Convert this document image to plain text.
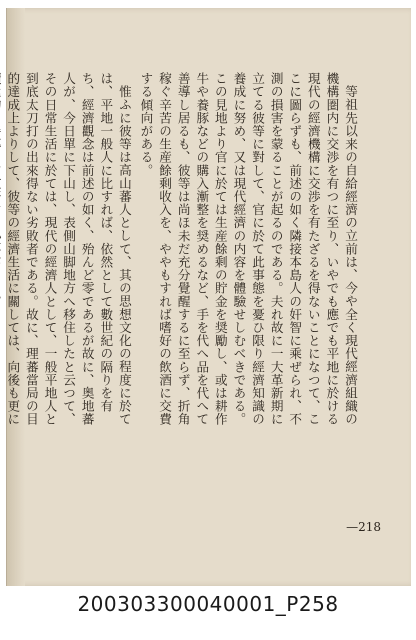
等祖先以来の自給經濟の立前は、今や全く現代經濟組織の機構圏内に交渉を有つに至り、いやでも應でも平地に於ける現代の經濟機構に交渉を有たざるを得ないことになつて、ここに圖らずも、前述の如く隣接本島人の奸智に乘ぜられ、不測の損害を蒙ることが起るのである。夫れ故に一大革新期に立てる彼等に對して、官に於て此事態を憂ひ限り經濟知識の養成に努め、又は現代經濟の内容を體驗せしむべきである。この見地より官に於ては生産餘剩の貯金を奨勵し、或は耕作牛や養豚などの購入漸整を奨めるなど、手を代へ品を代へて善導し居るも、彼等は尚ほ未だ充分覺醒するに至らず、折角稼ぐ辛苦の生産餘剩收入を、ややもすれば嗜好の飲酒に交費する傾向がある。

惟ふに彼等は高山蕃人として、其の思想文化の程度に於ては、平地一般人に比すれば、依然として數世紀の隔りを有ち、經濟觀念は前述の如く、殆んど零であるが故に、奥地蕃人が、今日單に下山し、表側山脚地方へ移住したと云つて、その日常生活に於ては、現代の經濟人として、一般平地人と到底太刀打の出來得ない劣敗者である。故に、理蕃當局の目的達成上よりして、彼等の經濟生活に關しては、向後も更に

—218
200303300040001_P258
